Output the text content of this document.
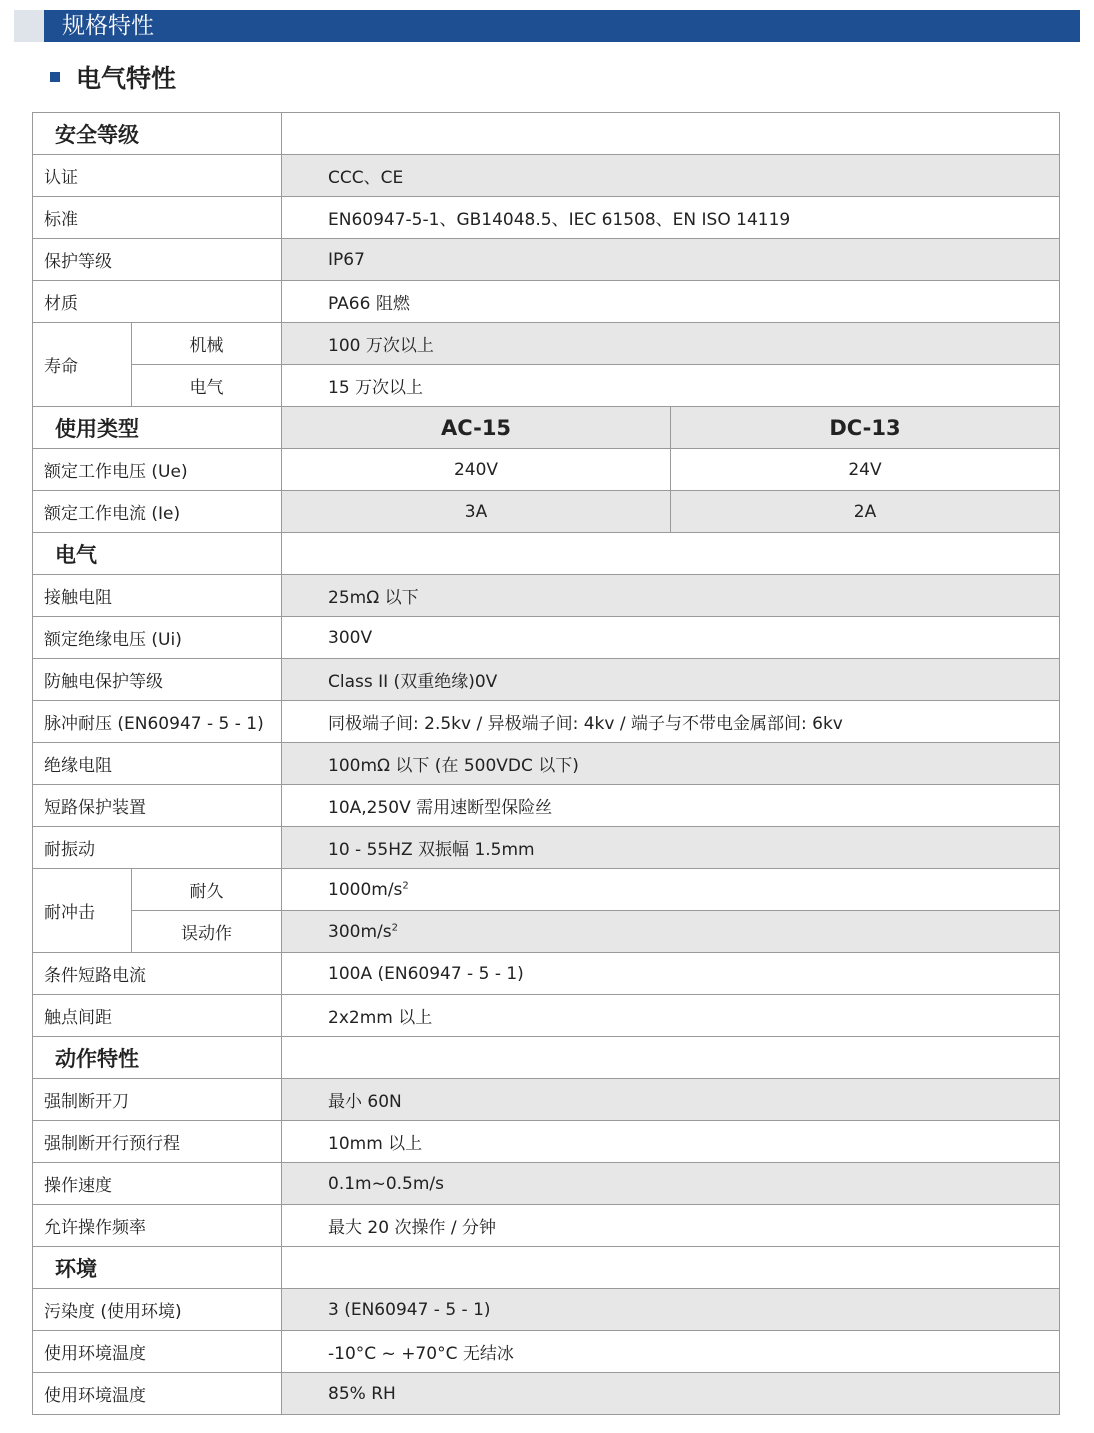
规格特性
电气特性
安全等级			
认证		CCC、CE	
标准		EN60947-5-1、GB14048.5、IEC 61508、EN ISO 14119	
保护等级		IP67	
材质		PA66 阻燃	
寿命	机械	100 万次以上	
	电气	15 万次以上	
使用类型		AC-15	DC-13
额定工作电压 (Ue)		240V	24V
额定工作电流 (Ie)		3A	2A
电气			
接触电阻		25mΩ 以下	
额定绝缘电压 (Ui)		300V	
防触电保护等级		Class II (双重绝缘)0V	
脉冲耐压 (EN60947 - 5 - 1)		同极端子间: 2.5kv / 异极端子间: 4kv / 端子与不带电金属部间: 6kv	
绝缘电阻		100mΩ 以下 (在 500VDC 以下)	
短路保护装置		10A,250V 需用速断型保险丝	
耐振动		10 - 55HZ 双振幅 1.5mm	
耐冲击	耐久	$1000m/s^2$
	误动作	$300m/s^2$
条件短路电流		100A (EN60947 - 5 - 1)	
触点间距		2x2mm 以上	
动作特性			
强制断开刀		最小 60N	
强制断开行预行程		10mm 以上	
操作速度		0.1m~0.5m/s	
允许操作频率		最大 20 次操作 / 分钟	
环境			
污染度 (使用环境)		3 (EN60947 - 5 - 1)	
使用环境温度		-10°C ~ +70°C 无结冰	
使用环境温度		85% RH	
